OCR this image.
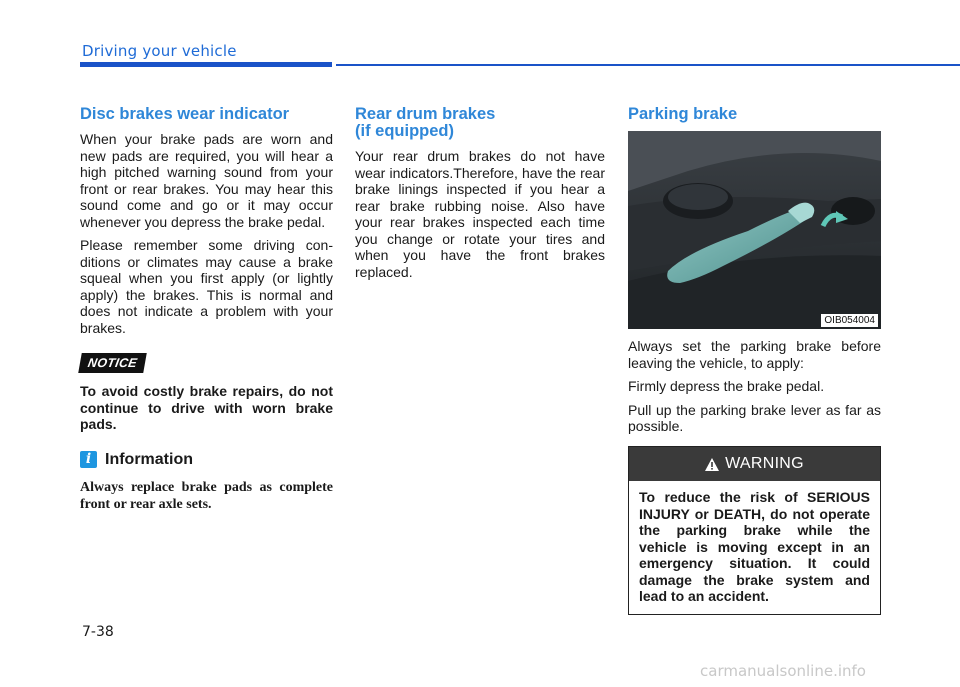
Driving your vehicle
Disc brakes wear indicator

When your brake pads are worn and new pads are required, you will hear a high pitched warning sound from your front or rear brakes. You may hear this sound come and go or it may occur whenever you depress the brake pedal.

Please remember some driving conditions or climates may cause a brake squeal when you first apply (or lightly apply) the brakes. This is normal and does not indicate a problem with your brakes.

NOTICE

To avoid costly brake repairs, do not continue to drive with worn brake pads.

i Information

Always replace brake pads as complete front or rear axle sets.

Rear drum brakes
(if equipped)

Your rear drum brakes do not have wear indicators.Therefore, have the rear brake linings inspected if you hear a rear brake rubbing noise. Also have your rear brakes inspected each time you change or rotate your tires and when you have the front brakes replaced.

Parking brake
OIB054004

Always set the parking brake before leaving the vehicle, to apply:

Firmly depress the brake pedal.

Pull up the parking brake lever as far as possible.

WARNING

To reduce the risk of SERIOUS INJURY or DEATH, do not operate the parking brake while the vehicle is moving except in an emergency situation. It could damage the brake system and lead to an accident.

7-38
carmanualsonline.info
